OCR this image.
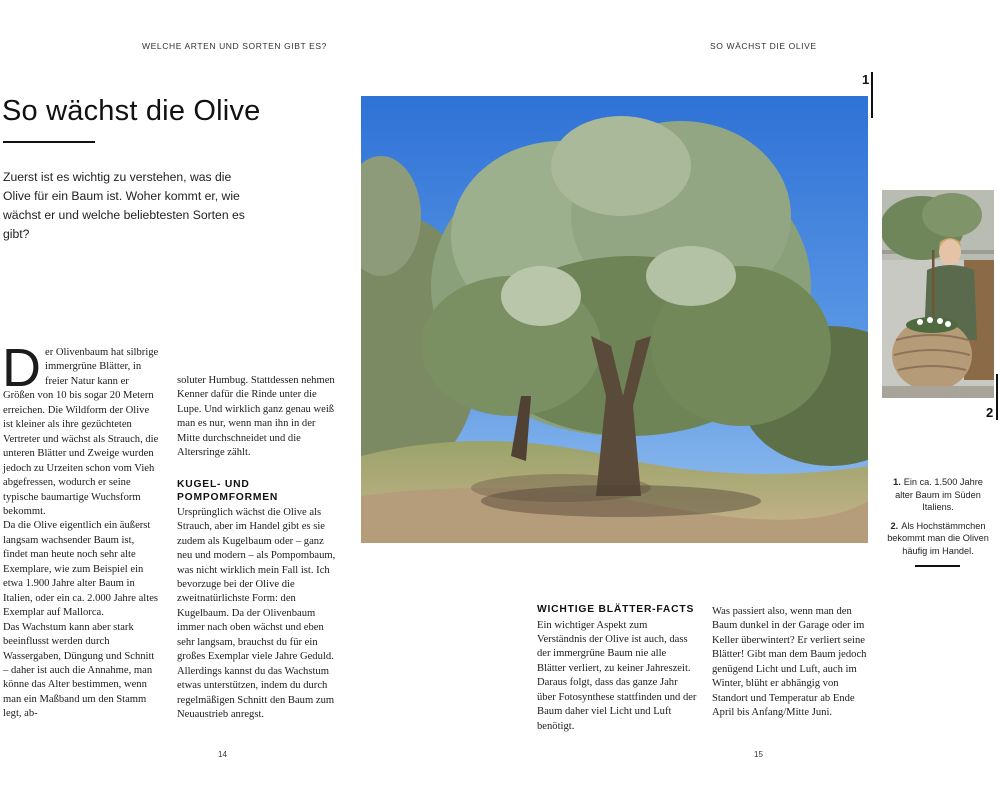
WELCHE ARTEN UND SORTEN GIBT ES?	SO WÄCHST DIE OLIVE
So wächst die Olive
Zuerst ist es wichtig zu verstehen, was die Olive für ein Baum ist. Woher kommt er, wie wächst er und welche beliebtesten Sorten es gibt?

Der Olivenbaum hat silbrige immergrüne Blätter, in freier Natur kann er Größen von 10 bis sogar 20 Metern erreichen. Die Wildform der Olive ist kleiner als ihre gezüchteten Vertreter und wächst als Strauch, die unteren Blätter und Zweige wurden jedoch zu Urzeiten schon vom Vieh abgefressen, wodurch er seine typische baumartige Wuchsform bekommt.

Da die Olive eigentlich ein äußerst langsam wachsender Baum ist, findet man heute noch sehr alte Exemplare, wie zum Beispiel ein etwa 1.900 Jahre alter Baum in Italien, oder ein ca. 2.000 Jahre altes Exemplar auf Mallorca.

Das Wachstum kann aber stark beeinflusst werden durch Wassergaben, Düngung und Schnitt – daher ist auch die Annahme, man könne das Alter bestimmen, wenn man ein Maßband um den Stamm legt, ab-

soluter Humbug. Stattdessen nehmen Kenner dafür die Rinde unter die Lupe. Und wirklich ganz genau weiß man es nur, wenn man ihn in der Mitte durchschneidet und die Altersringe zählt.

KUGEL- UND
POMPOMFORMEN

Ursprünglich wächst die Olive als Strauch, aber im Handel gibt es sie zudem als Kugelbaum oder – ganz neu und modern – als Pompombaum, was nicht wirklich mein Fall ist. Ich bevorzuge bei der Olive die zweitnatürlichste Form: den Kugelbaum. Da der Olivenbaum immer nach oben wächst und eben sehr langsam, brauchst du für ein großes Exemplar viele Jahre Geduld. Allerdings kannst du das Wachstum etwas unterstützen, indem du durch regelmäßigen Schnitt den Baum zum Neuaustrieb anregst.

1
2

1. Ein ca. 1.500 Jahre alter Baum im Süden Italiens.

2. Als Hochstämmchen bekommt man die Oliven häufig im Handel.

WICHTIGE BLÄTTER-FACTS

Ein wichtiger Aspekt zum Verständnis der Olive ist auch, dass der immergrüne Baum nie alle Blätter verliert, zu keiner Jahreszeit. Daraus folgt, dass das ganze Jahr über Fotosynthese stattfinden und der Baum daher viel Licht und Luft benötigt.

Was passiert also, wenn man den Baum dunkel in der Garage oder im Keller überwintert? Er verliert seine Blätter! Gibt man dem Baum jedoch genügend Licht und Luft, auch im Winter, blüht er abhängig von Standort und Temperatur ab Ende April bis Anfang/Mitte Juni.

14	15
